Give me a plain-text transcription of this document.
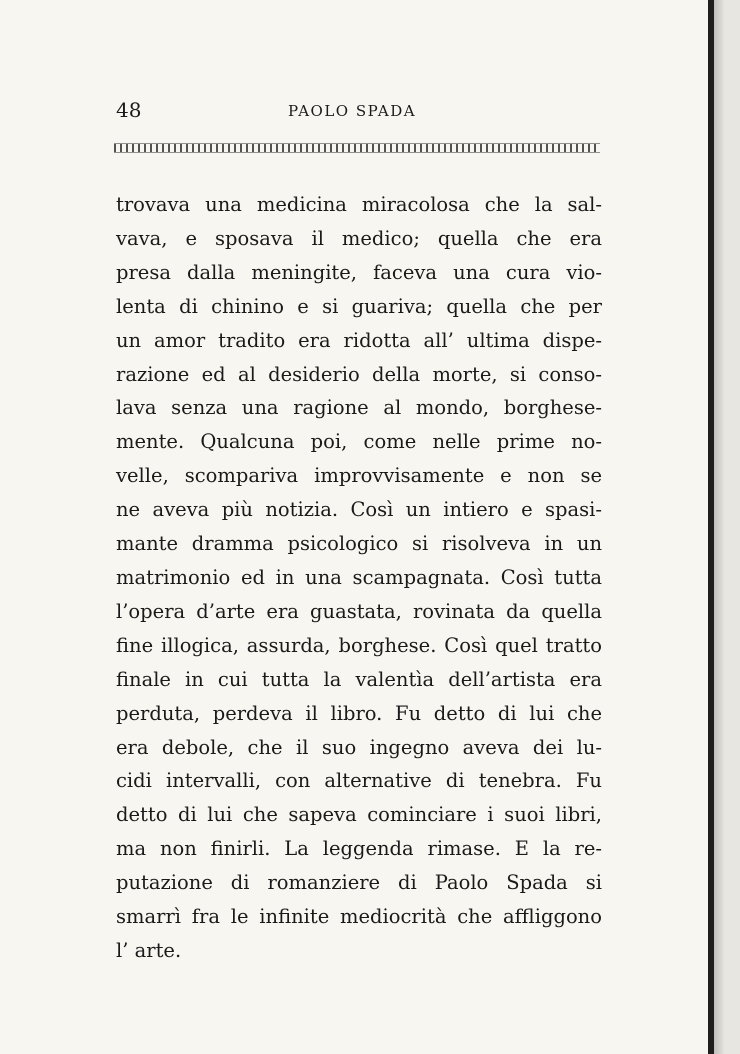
48	PAOLO SPADA
trovava una medicina miracolosa che la sal-
vava, e sposava il medico; quella che era
presa dalla meningite, faceva una cura vio-
lenta di chinino e si guariva; quella che per
un amor tradito era ridotta all’ ultima dispe-
razione ed al desiderio della morte, si conso-
lava senza una ragione al mondo, borghese-
mente. Qualcuna poi, come nelle prime no-
velle, scompariva improvvisamente e non se
ne aveva più notizia. Così un intiero e spasi-
mante dramma psicologico si risolveva in un
matrimonio ed in una scampagnata. Così tutta
l’opera d’arte era guastata, rovinata da quella
fine illogica, assurda, borghese. Così quel tratto
finale in cui tutta la valentìa dell’artista era
perduta, perdeva il libro. Fu detto di lui che
era debole, che il suo ingegno aveva dei lu-
cidi intervalli, con alternative di tenebra. Fu
detto di lui che sapeva cominciare i suoi libri,
ma non finirli. La leggenda rimase. E la re-
putazione di romanziere di Paolo Spada si
smarrì fra le infinite mediocrità che affliggono
l’ arte.
